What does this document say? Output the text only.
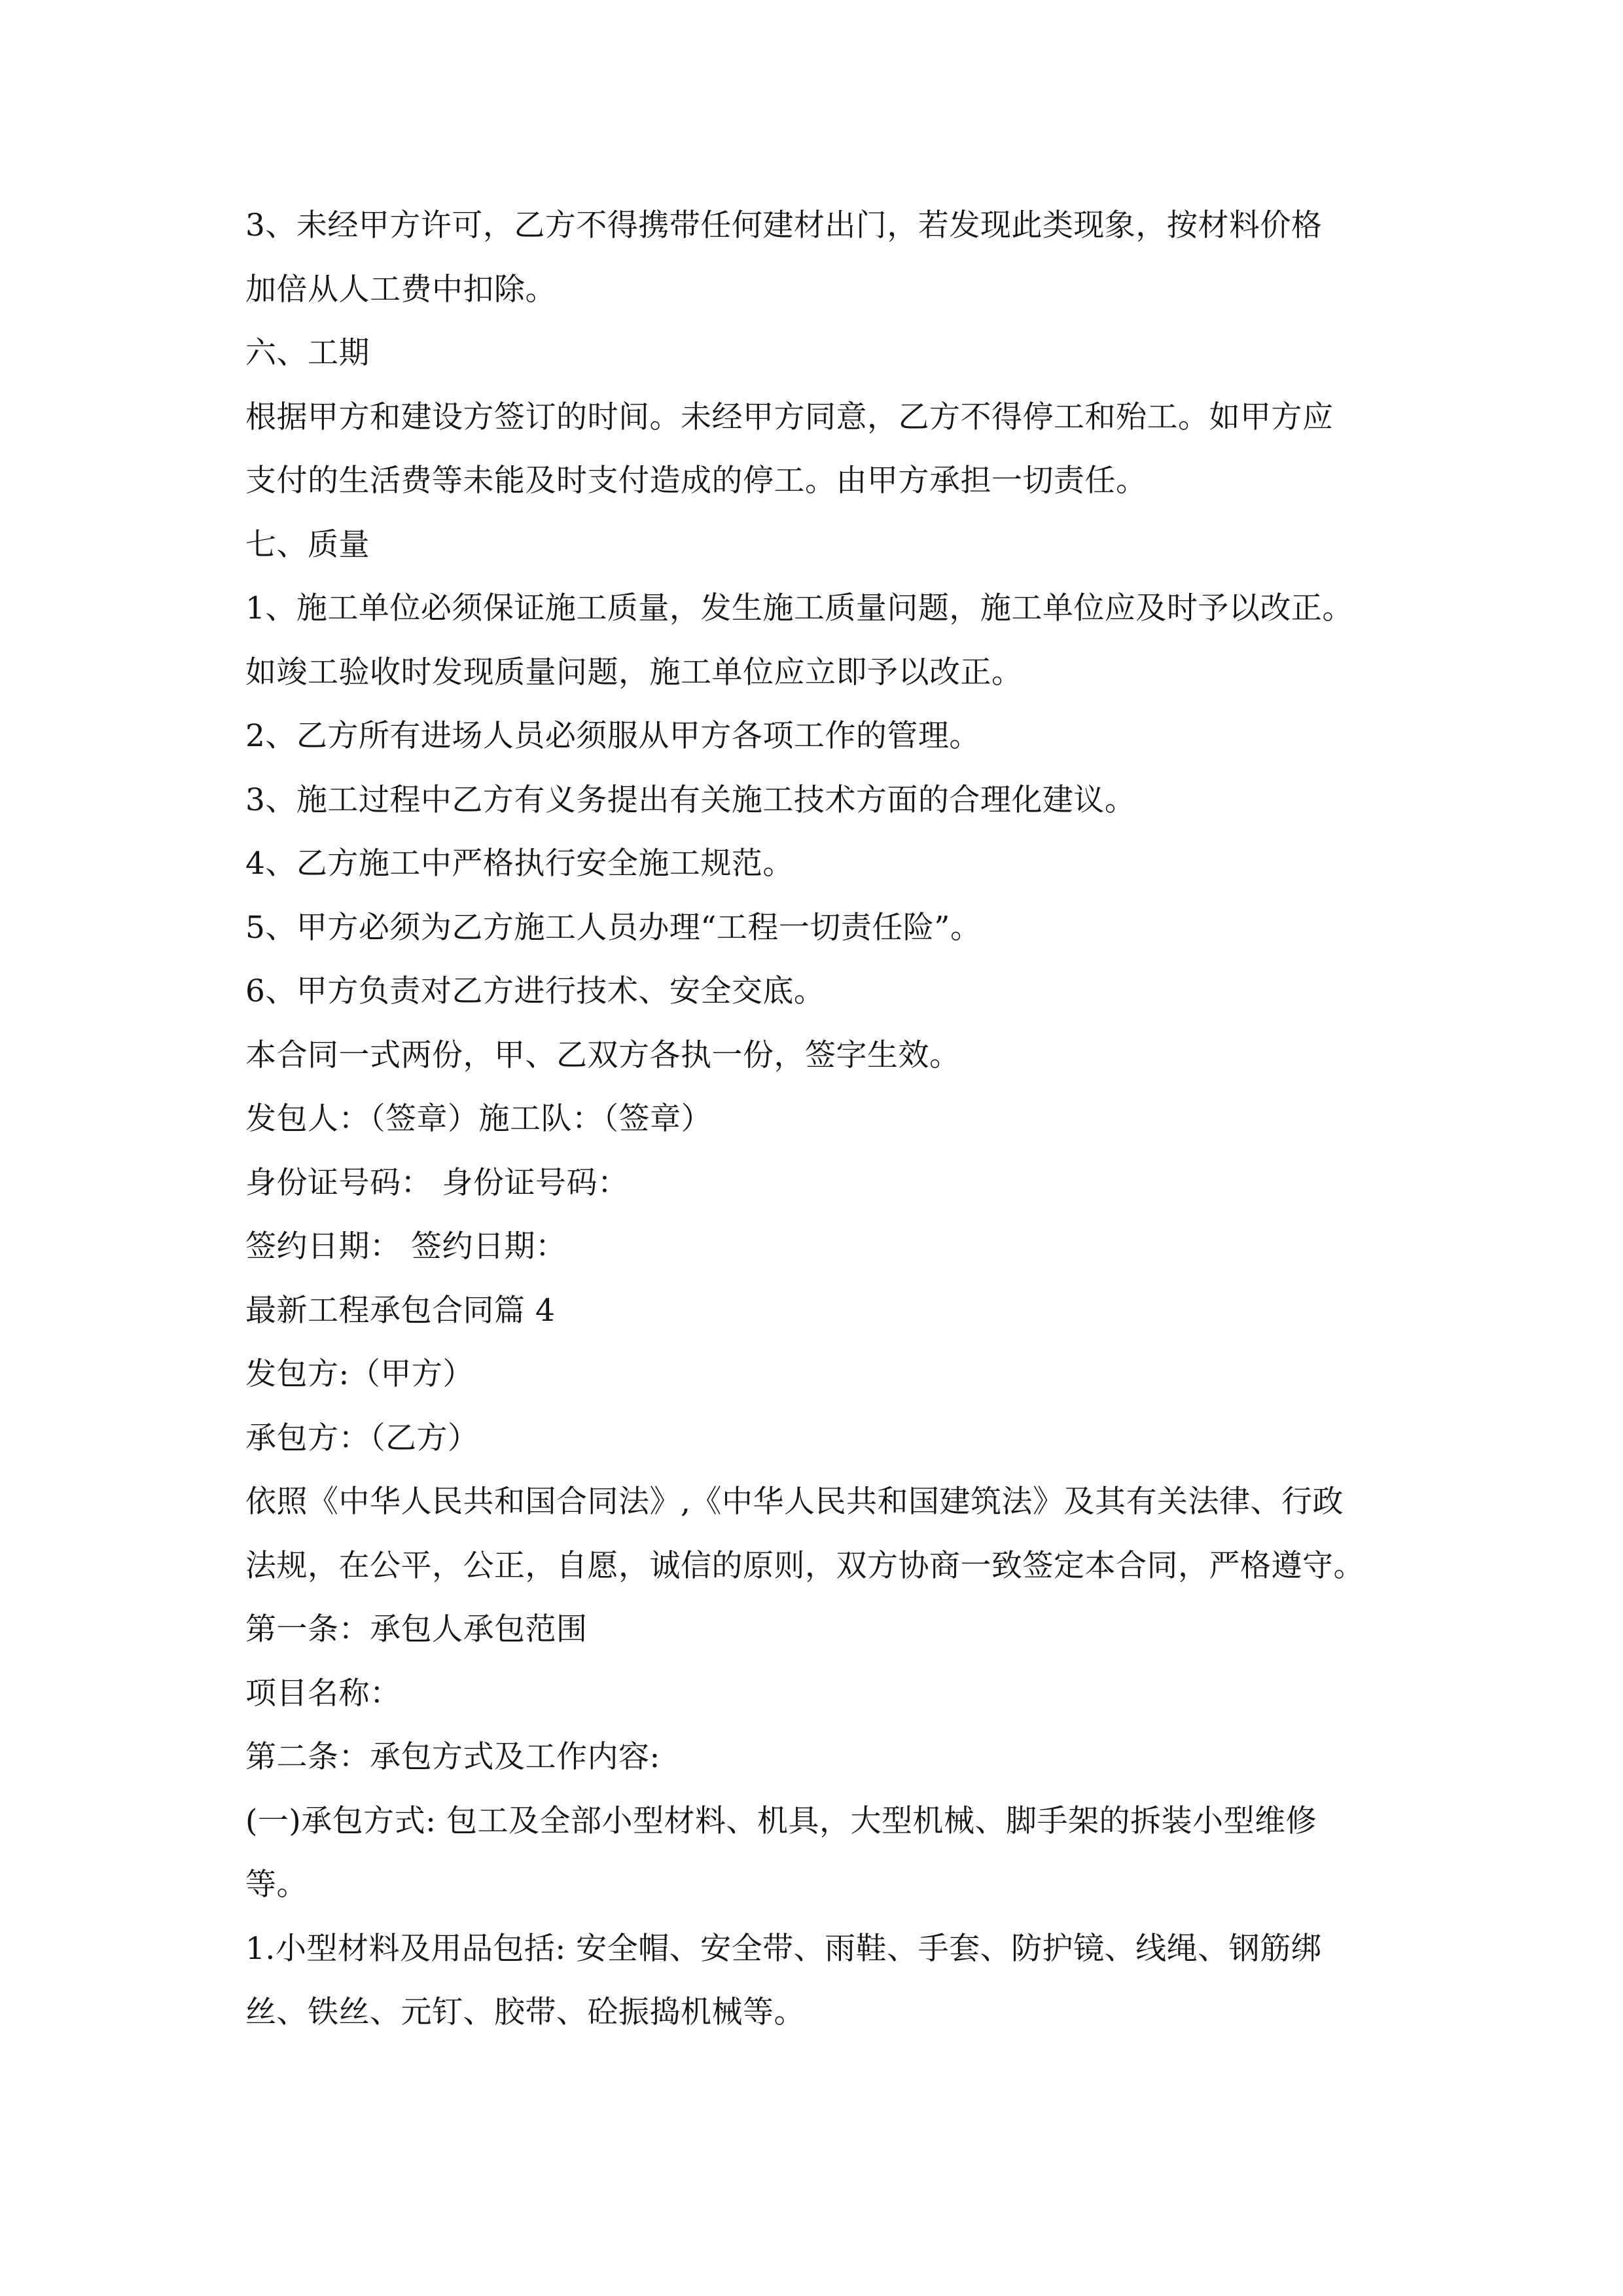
3、未经甲方许可，乙方不得携带任何建材出门，若发现此类现象，按材料价格
加倍从人工费中扣除。
六、工期
根据甲方和建设方签订的时间。未经甲方同意，乙方不得停工和殆工。如甲方应
支付的生活费等未能及时支付造成的停工。由甲方承担一切责任。
七、质量
1、施工单位必须保证施工质量，发生施工质量问题，施工单位应及时予以改正。
如竣工验收时发现质量问题，施工单位应立即予以改正。
2、乙方所有进场人员必须服从甲方各项工作的管理。
3、施工过程中乙方有义务提出有关施工技术方面的合理化建议。
4、乙方施工中严格执行安全施工规范。
5、甲方必须为乙方施工人员办理“工程一切责任险”。
6、甲方负责对乙方进行技术、安全交底。
本合同一式两份，甲、乙双方各执一份，签字生效。
发包人：（签章）施工队：（签章）
身份证号码： 身份证号码：
签约日期： 签约日期：
最新工程承包合同篇 4
发包方:（甲方）
承包方：（乙方）
依照《中华人民共和国合同法》,《中华人民共和国建筑法》及其有关法律、行政
法规，在公平，公正，自愿，诚信的原则，双方协商一致签定本合同，严格遵守。
第一条：承包人承包范围
项目名称：
第二条：承包方式及工作内容:
(一)承包方式: 包工及全部小型材料、机具，大型机械、脚手架的拆装小型维修
等。
1.小型材料及用品包括: 安全帽、安全带、雨鞋、手套、防护镜、线绳、钢筋绑
丝、铁丝、元钉、胶带、砼振捣机械等。
